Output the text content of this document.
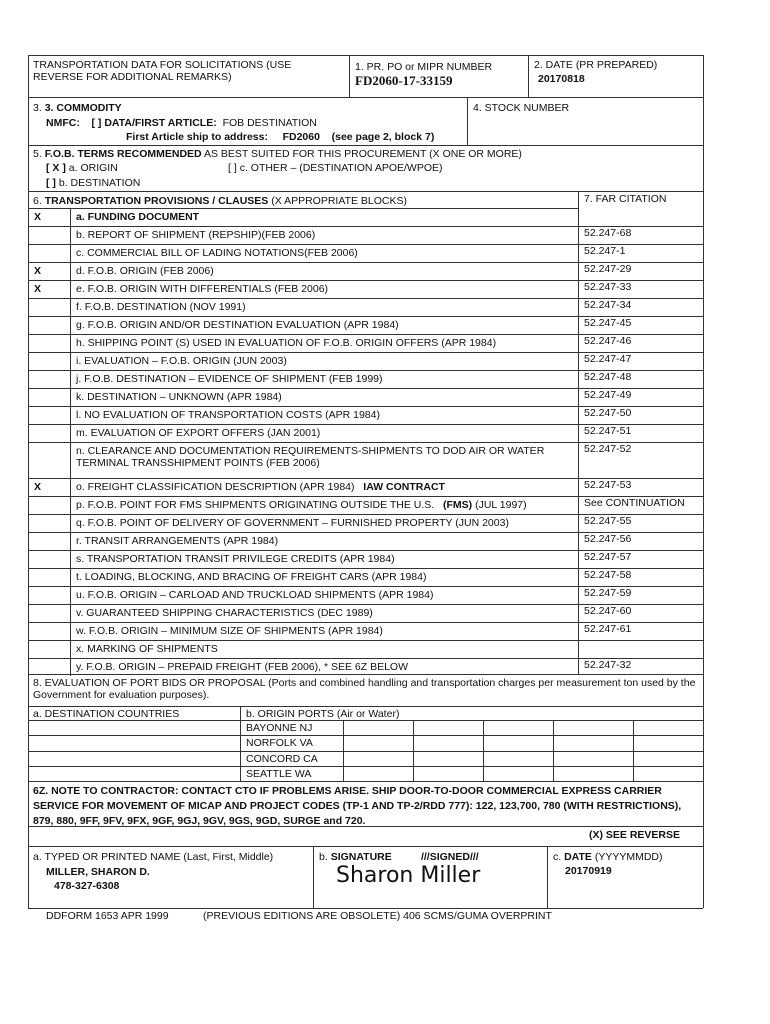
TRANSPORTATION DATA FOR SOLICITATIONS (USE
REVERSE FOR ADDITIONAL REMARKS)
1. PR. PO or MIPR NUMBER
FD2060-17-33159
2. DATE (PR PREPARED)
20170818
3. 3. COMMODITY
NMFC: [ ] DATA/FIRST ARTICLE: FOB DESTINATION
First Article ship to address: FD2060 (see page 2, block 7)
4. STOCK NUMBER
5. F.O.B. TERMS RECOMMENDED AS BEST SUITED FOR THIS PROCUREMENT (X ONE OR MORE)
[ X ] a. ORIGIN	[ ] c. OTHER – (DESTINATION APOE/WPOE)
[ ] b. DESTINATION
6. TRANSPORTATION PROVISIONS / CLAUSES (X APPROPRIATE BLOCKS)	7. FAR CITATION
8. EVALUATION OF PORT BIDS OR PROPOSAL (Ports and combined handling and transportation charges per measurement ton used by the
Government for evaluation purposes).
a. DESTINATION COUNTRIES	b. ORIGIN PORTS (Air or Water)
6Z. NOTE TO CONTRACTOR: CONTACT CTO IF PROBLEMS ARISE. SHIP DOOR-TO-DOOR COMMERCIAL EXPRESS CARRIER
SERVICE FOR MOVEMENT OF MICAP AND PROJECT CODES (TP-1 AND TP-2/RDD 777): 122, 123,700, 780 (WITH RESTRICTIONS),
879, 880, 9FF, 9FV, 9FX, 9GF, 9GJ, 9GV, 9GS, 9GD, SURGE and 720.
(X) SEE REVERSE
a. TYPED OR PRINTED NAME (Last, First, Middle)
MILLER, SHARON D.
478-327-6308
b. SIGNATURE	///SIGNED///
Sharon Miller
c. DATE (YYYYMMDD)
20170919
X	a. FUNDING DOCUMENT
b. REPORT OF SHIPMENT (REPSHIP)(FEB 2006)	52.247-68
c. COMMERCIAL BILL OF LADING NOTATIONS(FEB 2006)	52.247-1
X	d. F.O.B. ORIGIN (FEB 2006)	52.247-29
X	e. F.O.B. ORIGIN WITH DIFFERENTIALS (FEB 2006)	52.247-33
f. F.O.B. DESTINATION (NOV 1991)	52.247-34
g. F.O.B. ORIGIN AND/OR DESTINATION EVALUATION (APR 1984)	52.247-45
h. SHIPPING POINT (S) USED IN EVALUATION OF F.O.B. ORIGIN OFFERS (APR 1984)	52.247-46
i. EVALUATION – F.O.B. ORIGIN (JUN 2003)	52.247-47
j. F.O.B. DESTINATION – EVIDENCE OF SHIPMENT (FEB 1999)	52.247-48
k. DESTINATION – UNKNOWN (APR 1984)	52.247-49
l. NO EVALUATION OF TRANSPORTATION COSTS (APR 1984)	52.247-50
m. EVALUATION OF EXPORT OFFERS (JAN 2001)	52.247-51
n. CLEARANCE AND DOCUMENTATION REQUIREMENTS-SHIPMENTS TO DOD AIR OR WATER
TERMINAL TRANSSHIPMENT POINTS (FEB 2006)
52.247-52
X	o. FREIGHT CLASSIFICATION DESCRIPTION (APR 1984) IAW CONTRACT	52.247-53
p. F.O.B. POINT FOR FMS SHIPMENTS ORIGINATING OUTSIDE THE U.S. (FMS) (JUL 1997)	See CONTINUATION
q. F.O.B. POINT OF DELIVERY OF GOVERNMENT – FURNISHED PROPERTY (JUN 2003)	52.247-55
r. TRANSIT ARRANGEMENTS (APR 1984)	52.247-56
s. TRANSPORTATION TRANSIT PRIVILEGE CREDITS (APR 1984)	52.247-57
t. LOADING, BLOCKING, AND BRACING OF FREIGHT CARS (APR 1984)	52.247-58
u. F.O.B. ORIGIN – CARLOAD AND TRUCKLOAD SHIPMENTS (APR 1984)	52.247-59
v. GUARANTEED SHIPPING CHARACTERISTICS (DEC 1989)	52.247-60
w. F.O.B. ORIGIN – MINIMUM SIZE OF SHIPMENTS (APR 1984)	52.247-61
x. MARKING OF SHIPMENTS
y. F.O.B. ORIGIN – PREPAID FREIGHT (FEB 2006), * SEE 6Z BELOW	52.247-32
BAYONNE NJ
NORFOLK VA
CONCORD CA
SEATTLE WA
DDFORM 1653 APR 1999	(PREVIOUS EDITIONS ARE OBSOLETE) 406 SCMS/GUMA OVERPRINT
